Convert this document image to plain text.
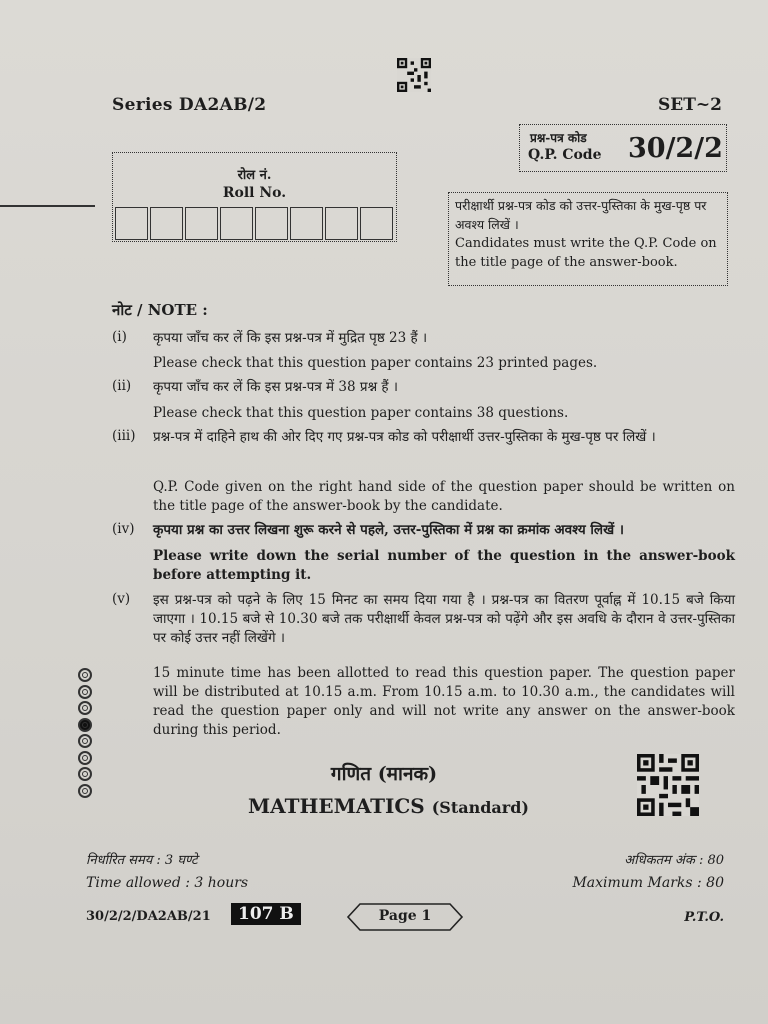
Series DA2AB/2	SET~2
प्रश्न-पत्र कोड
Q.P. Code 30/2/2
रोल नं.
Roll No.
परीक्षार्थी प्रश्न-पत्र कोड को उत्तर-पुस्तिका के मुख-पृष्ठ पर अवश्य लिखें ।
Candidates must write the Q.P. Code on the title page of the answer-book.
नोट / NOTE :
(i) कृपया जाँच कर लें कि इस प्रश्न-पत्र में मुद्रित पृष्ठ 23 हैं ।
Please check that this question paper contains 23 printed pages.
(ii) कृपया जाँच कर लें कि इस प्रश्न-पत्र में 38 प्रश्न हैं ।
Please check that this question paper contains 38 questions.
(iii) प्रश्न-पत्र में दाहिने हाथ की ओर दिए गए प्रश्न-पत्र कोड को परीक्षार्थी उत्तर-पुस्तिका के मुख-पृष्ठ पर लिखें ।
Q.P. Code given on the right hand side of the question paper should be written on the title page of the answer-book by the candidate.
(iv) कृपया प्रश्न का उत्तर लिखना शुरू करने से पहले, उत्तर-पुस्तिका में प्रश्न का क्रमांक अवश्य लिखें ।
Please write down the serial number of the question in the answer-book before attempting it.
(v) इस प्रश्न-पत्र को पढ़ने के लिए 15 मिनट का समय दिया गया है । प्रश्न-पत्र का वितरण पूर्वाह्न में 10.15 बजे किया जाएगा । 10.15 बजे से 10.30 बजे तक परीक्षार्थी केवल प्रश्न-पत्र को पढ़ेंगे और इस अवधि के दौरान वे उत्तर-पुस्तिका पर कोई उत्तर नहीं लिखेंगे ।
15 minute time has been allotted to read this question paper. The question paper will be distributed at 10.15 a.m. From 10.15 a.m. to 10.30 a.m., the candidates will read the question paper only and will not write any answer on the answer-book during this period.
गणित (मानक)
MATHEMATICS (Standard)
निर्धारित समय : 3 घण्टे
Time allowed : 3 hours
अधिकतम अंक : 80
Maximum Marks : 80
30/2/2/DA2AB/21	107 B	Page 1	P.T.O.
